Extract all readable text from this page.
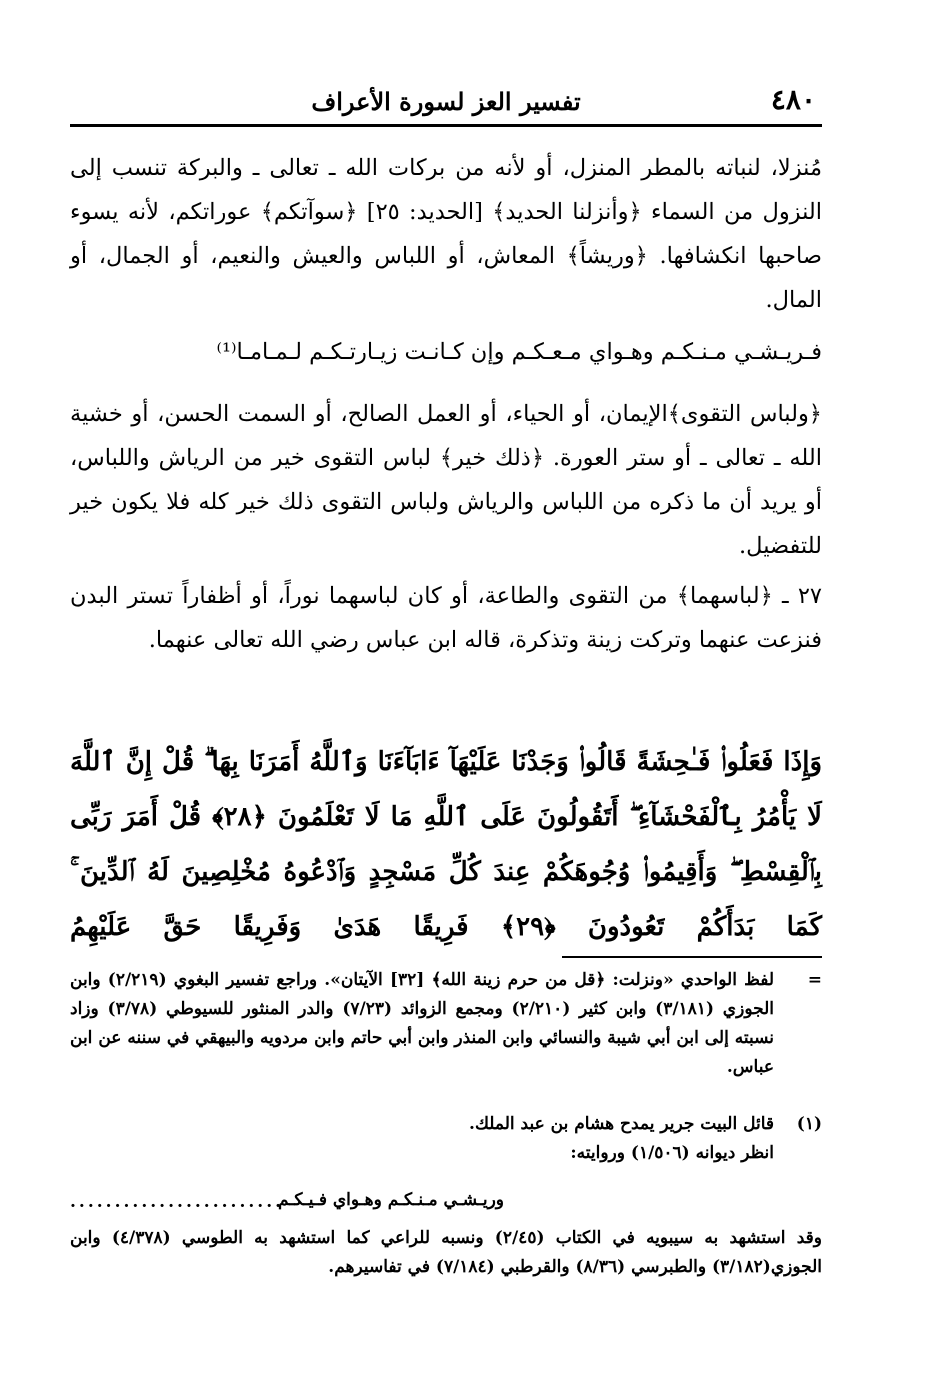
٤٨٠
تفسير العز لسورة الأعراف
مُنزلا، لنباته بالمطر المنزل، أو لأنه من بركات الله ـ تعالى ـ والبركة تنسب إلى النزول من السماء ﴿وأنزلنا الحديد﴾ [الحديد: ٢٥] ﴿سوآتكم﴾ عوراتكم، لأنه يسوء صاحبها انكشافها. ﴿وريشاً﴾ المعاش، أو اللباس والعيش والنعيم، أو الجمال، أو المال.
فـريـشـي مـنـكـم وهـواي مـعـكـم وإن كـانـت زيـارتـكـم لـمـامـا⁽¹⁾
﴿ولباس التقوى﴾الإيمان، أو الحياء، أو العمل الصالح، أو السمت الحسن، أو خشية الله ـ تعالى ـ أو ستر العورة. ﴿ذلك خير﴾ لباس التقوى خير من الرياش واللباس، أو يريد أن ما ذكره من اللباس والرياش ولباس التقوى ذلك خير كله فلا يكون خير للتفضيل.
٢٧ ـ ﴿لباسهما﴾ من التقوى والطاعة، أو كان لباسهما نوراً، أو أظفاراً تستر البدن فنزعت عنهما وتركت زينة وتذكرة، قاله ابن عباس رضي الله تعالى عنهما.
وَإِذَا فَعَلُوا۟ فَـٰحِشَةً قَالُوا۟ وَجَدْنَا عَلَيْهَآ ءَابَآءَنَا وَٱللَّهُ أَمَرَنَا بِهَا ۗ قُلْ إِنَّ ٱللَّهَ لَا يَأْمُرُ بِٱلْفَحْشَآءِ ۖ أَتَقُولُونَ عَلَى ٱللَّهِ مَا لَا تَعْلَمُونَ ﴿٢٨﴾ قُلْ أَمَرَ رَبِّى بِٱلْقِسْطِ ۖ وَأَقِيمُوا۟ وُجُوهَكُمْ عِندَ كُلِّ مَسْجِدٍ وَٱدْعُوهُ مُخْلِصِينَ لَهُ ٱلدِّينَ ۚ كَمَا بَدَأَكُمْ تَعُودُونَ ﴿٢٩﴾ فَرِيقًا هَدَىٰ وَفَرِيقًا حَقَّ عَلَيْهِمُ
=
لفظ الواحدي «ونزلت: ﴿قل من حرم زينة الله﴾ [٣٢] الآيتان». وراجع تفسير البغوي (٢/٢١٩) وابن الجوزي (٣/١٨١) وابن كثير (٢/٢١٠) ومجمع الزوائد (٧/٢٣) والدر المنثور للسيوطي (٣/٧٨) وزاد نسبته إلى ابن أبي شيبة والنسائي وابن المنذر وابن أبي حاتم وابن مردويه والبيهقي في سننه عن ابن عباس.
(١)
قائل البيت جرير يمدح هشام بن عبد الملك.
انظر ديوانه (١/٥٠٦) وروايته:
وريـشـي مـنـكـم وهـواي فـيـكـم
........................
وقد استشهد به سيبويه في الكتاب (٢/٤٥) ونسبه للراعي كما استشهد به الطوسي (٤/٣٧٨) وابن الجوزي(٣/١٨٢) والطبرسي (٨/٣٦) والقرطبي (٧/١٨٤) في تفاسيرهم.
